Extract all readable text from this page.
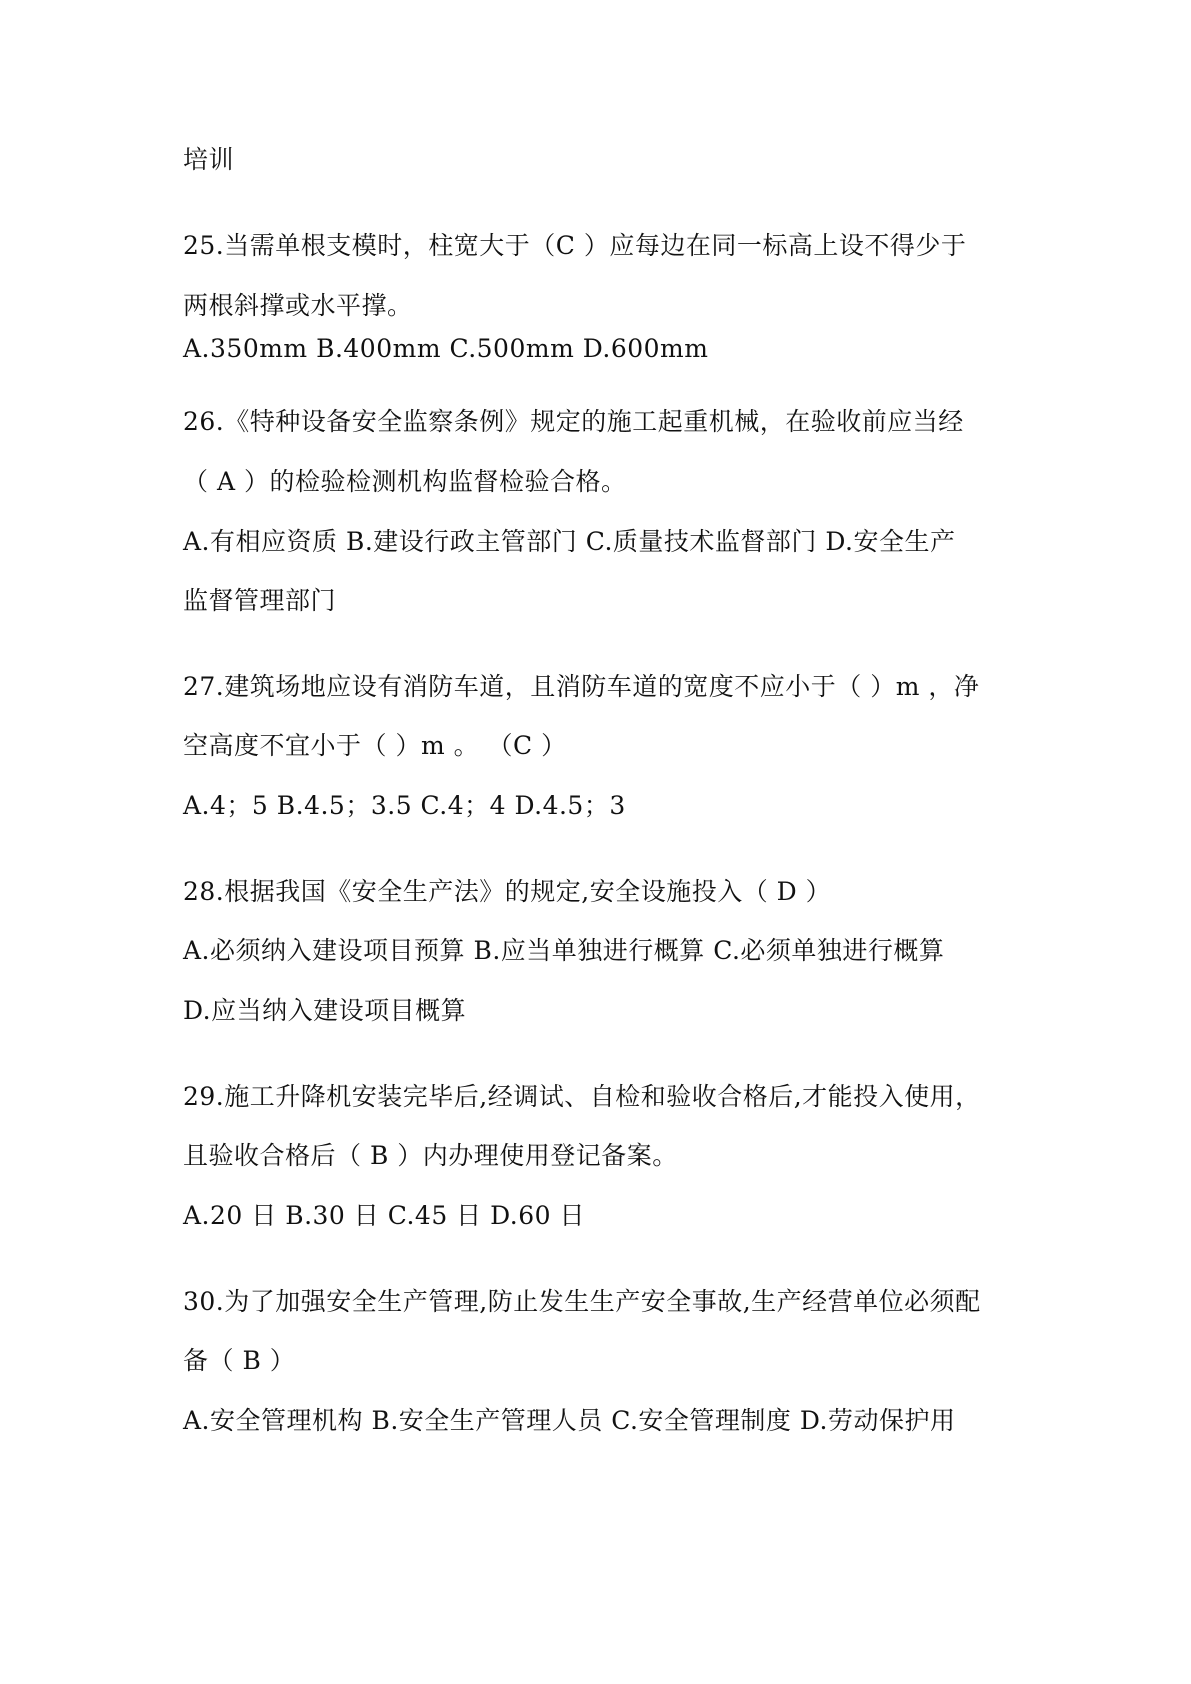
培训
25.当需单根支模时，柱宽大于（C ）应每边在同一标高上设不得少于
两根斜撑或水平撑。
A.350mm B.400mm C.500mm D.600mm
26.《特种设备安全监察条例》规定的施工起重机械，在验收前应当经
（ A ）的检验检测机构监督检验合格。
A.有相应资质 B.建设行政主管部门 C.质量技术监督部门 D.安全生产
监督管理部门
27.建筑场地应设有消防车道，且消防车道的宽度不应小于（ ）m ，净
空高度不宜小于（ ）m 。 （C ）
A.4；5 B.4.5；3.5 C.4；4 D.4.5；3
28.根据我国《安全生产法》的规定,安全设施投入（ D ）
A.必须纳入建设项目预算 B.应当单独进行概算 C.必须单独进行概算
D.应当纳入建设项目概算
29.施工升降机安装完毕后,经调试、自检和验收合格后,才能投入使用，
且验收合格后（ B ）内办理使用登记备案。
A.20 日 B.30 日 C.45 日 D.60 日
30.为了加强安全生产管理,防止发生生产安全事故,生产经营单位必须配
备（ B ）
A.安全管理机构 B.安全生产管理人员 C.安全管理制度 D.劳动保护用
